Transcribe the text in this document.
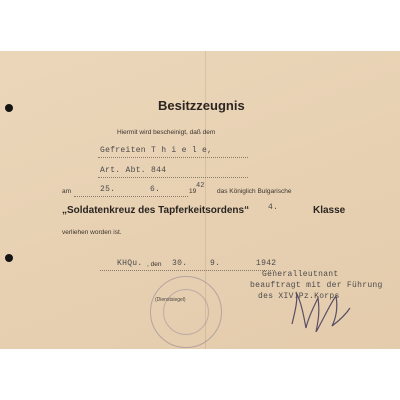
Besitzzeugnis
Hiermit wird bescheinigt, daß dem
Gefreiten T h i e l e,
Art. Abt. 844
am	25.	6.	19
42
das Königlich Bulgarische
„Soldatenkreuz des Tapferkeitsordens“ 4.	Klasse
verliehen worden ist.
KHQu. , den 30.	9.	1942
(Dienstsiegel)
Generalleutnant
beauftragt mit der Führung
des XIV.Pz.Korps
